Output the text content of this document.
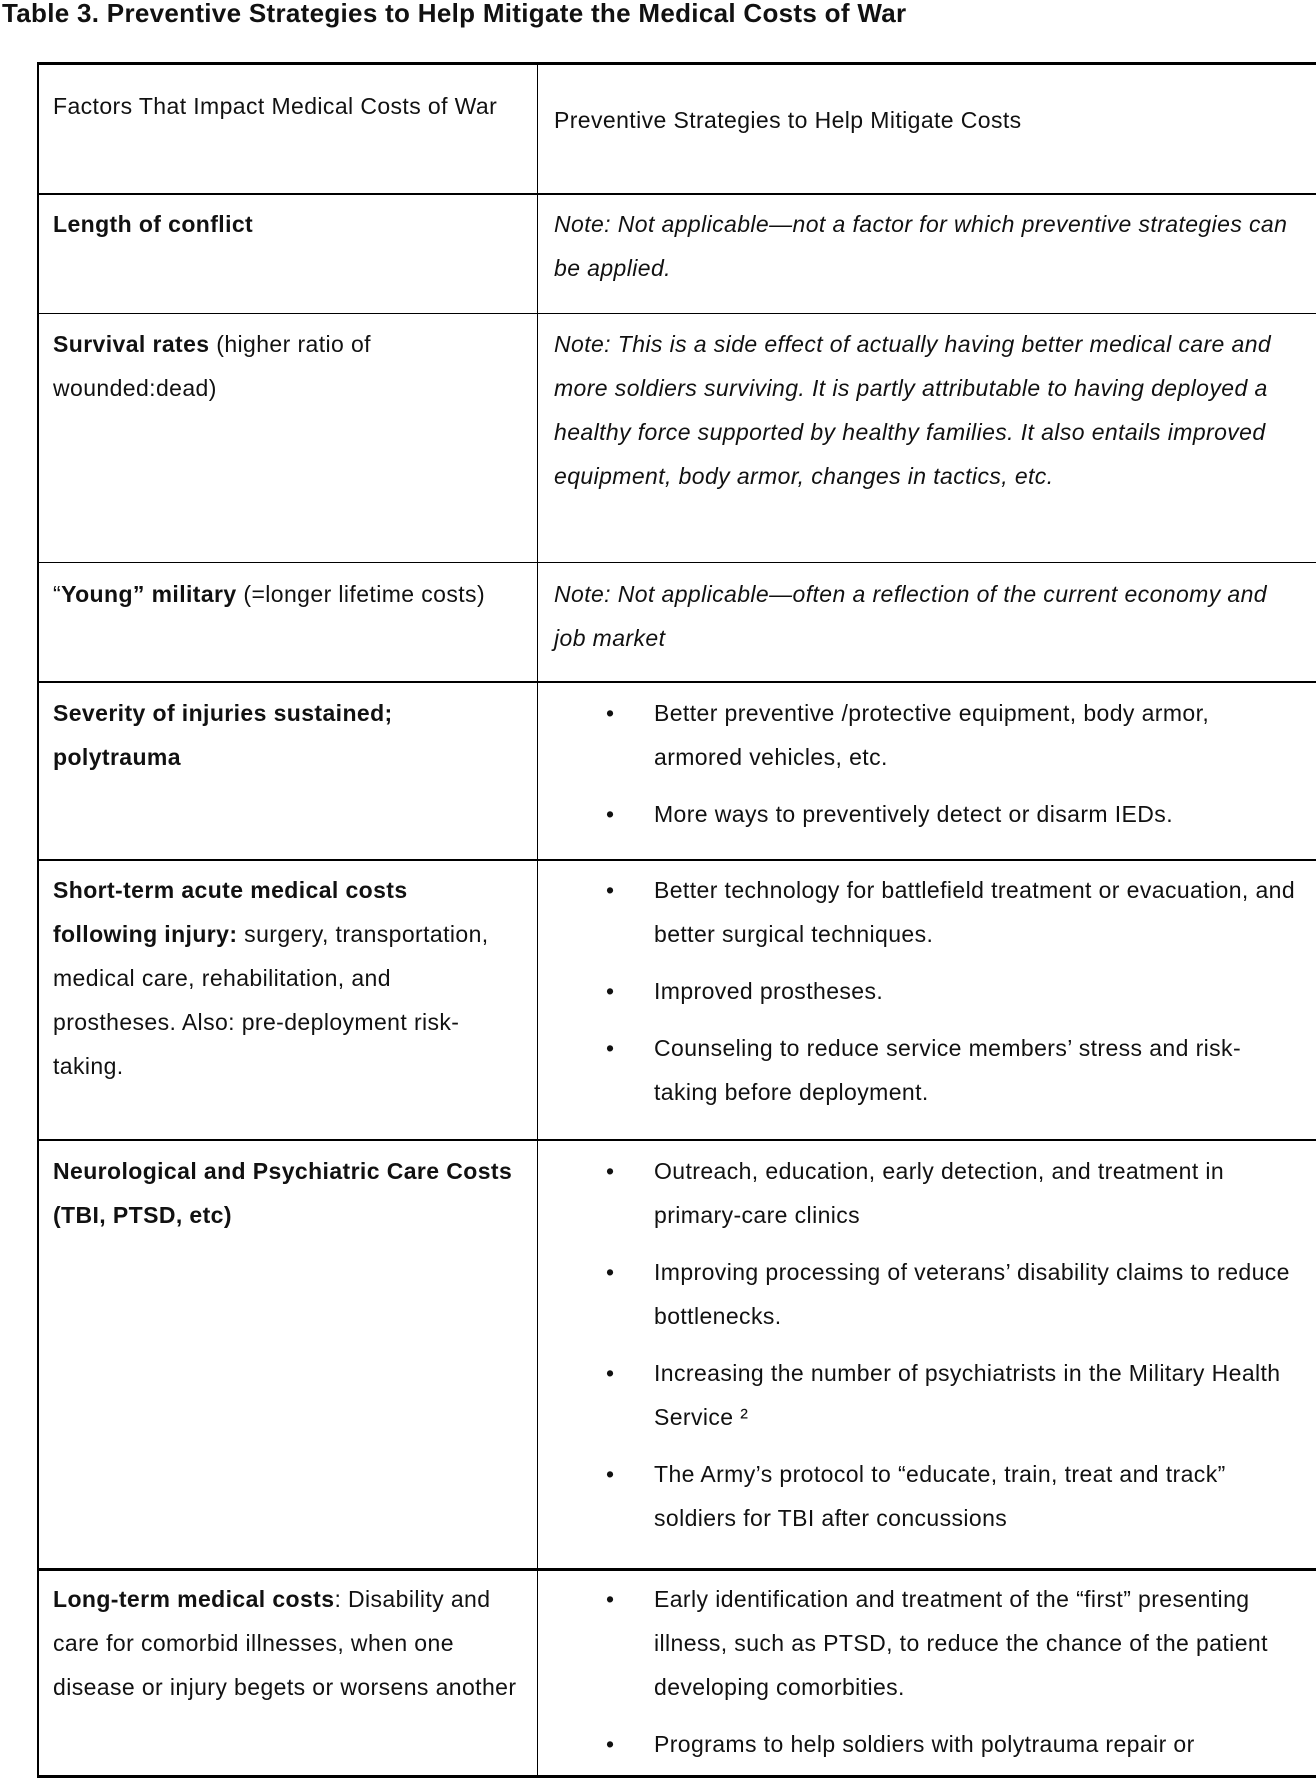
Table 3. Preventive Strategies to Help Mitigate the Medical Costs of War
Factors That Impact Medical Costs of War
Preventive Strategies to Help Mitigate Costs
Length of conflict	Note: Not applicable—not a factor for which preventive strategies can be applied.
Survival rates (higher ratio of wounded:dead)
Note: This is a side effect of actually having better medical care and more soldiers surviving. It is partly attributable to having deployed a healthy force supported by healthy families. It also entails improved equipment, body armor, changes in tactics, etc.
“Young” military (=longer lifetime costs)	Note: Not applicable—often a reflection of the current economy and job market
Severity of injuries sustained; polytrauma
• Better preventive /protective equipment, body armor, armored vehicles, etc.
• More ways to preventively detect or disarm IEDs.
Short-term acute medical costs following injury: surgery, transportation, medical care, rehabilitation, and prostheses. Also: pre-deployment risk-taking.
• Better technology for battlefield treatment or evacuation, and better surgical techniques.
• Improved prostheses.
• Counseling to reduce service members’ stress and risk-taking before deployment.
Neurological and Psychiatric Care Costs (TBI, PTSD, etc)
• Outreach, education, early detection, and treatment in primary-care clinics
• Improving processing of veterans’ disability claims to reduce bottlenecks.
• Increasing the number of psychiatrists in the Military Health Service ²
• The Army’s protocol to “educate, train, treat and track” soldiers for TBI after concussions
Long-term medical costs: Disability and care for comorbid illnesses, when one disease or injury begets or worsens another
• Early identification and treatment of the “first” presenting illness, such as PTSD, to reduce the chance of the patient developing comorbities.
• Programs to help soldiers with polytrauma repair or
